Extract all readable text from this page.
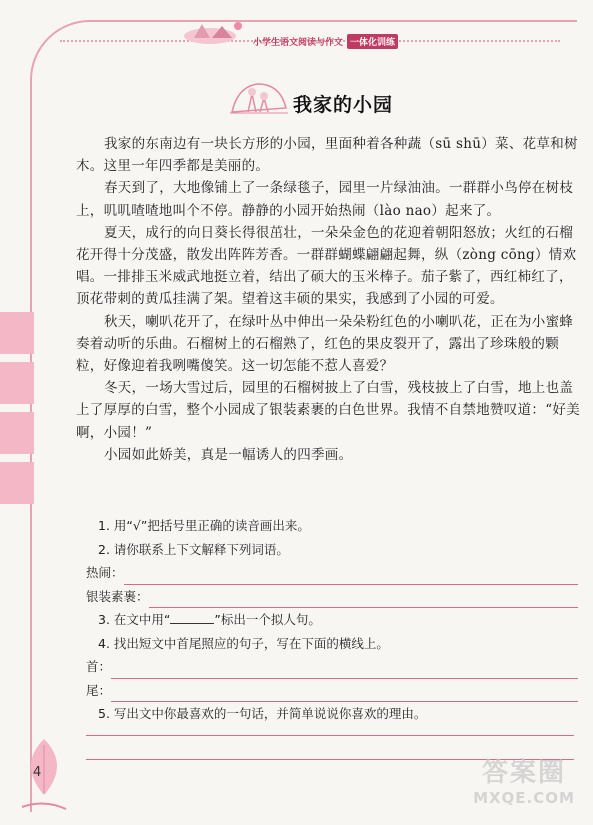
小学生语文阅读与作文 一体化训练
我家的小园

我家的东南边有一块长方形的小园，里面种着各种蔬（sū shū）菜、花草和树木。这里一年四季都是美丽的。

春天到了，大地像铺上了一条绿毯子，园里一片绿油油。一群群小鸟停在树枝上，叽叽喳喳地叫个不停。静静的小园开始热闹（lào nao）起来了。

夏天，成行的向日葵长得很茁壮，一朵朵金色的花迎着朝阳怒放；火红的石榴花开得十分茂盛，散发出阵阵芳香。一群群蝴蝶翩翩起舞，纵（zòng cōng）情欢唱。一排排玉米威武地挺立着，结出了硕大的玉米棒子。茄子紫了，西红柿红了，顶花带刺的黄瓜挂满了架。望着这丰硕的果实，我感到了小园的可爱。

秋天，喇叭花开了，在绿叶丛中伸出一朵朵粉红色的小喇叭花，正在为小蜜蜂奏着动听的乐曲。石榴树上的石榴熟了，红色的果皮裂开了，露出了珍珠般的颗粒，好像迎着我咧嘴傻笑。这一切怎能不惹人喜爱？

冬天，一场大雪过后，园里的石榴树披上了白雪，残枝披上了白雪，地上也盖上了厚厚的白雪，整个小园成了银装素裹的白色世界。我情不自禁地赞叹道：“好美啊，小园！”

小园如此娇美，真是一幅诱人的四季画。

1. 用“√”把括号里正确的读音画出来。

2. 请你联系上下文解释下列词语。

热闹：
银装素裹：

3. 在文中用“	”标出一个拟人句。

4. 找出短文中首尾照应的句子，写在下面的横线上。

首：
尾：

5. 写出文中你最喜欢的一句话，并简单说说你喜欢的理由。

4	答案圈
MXQE.COM
